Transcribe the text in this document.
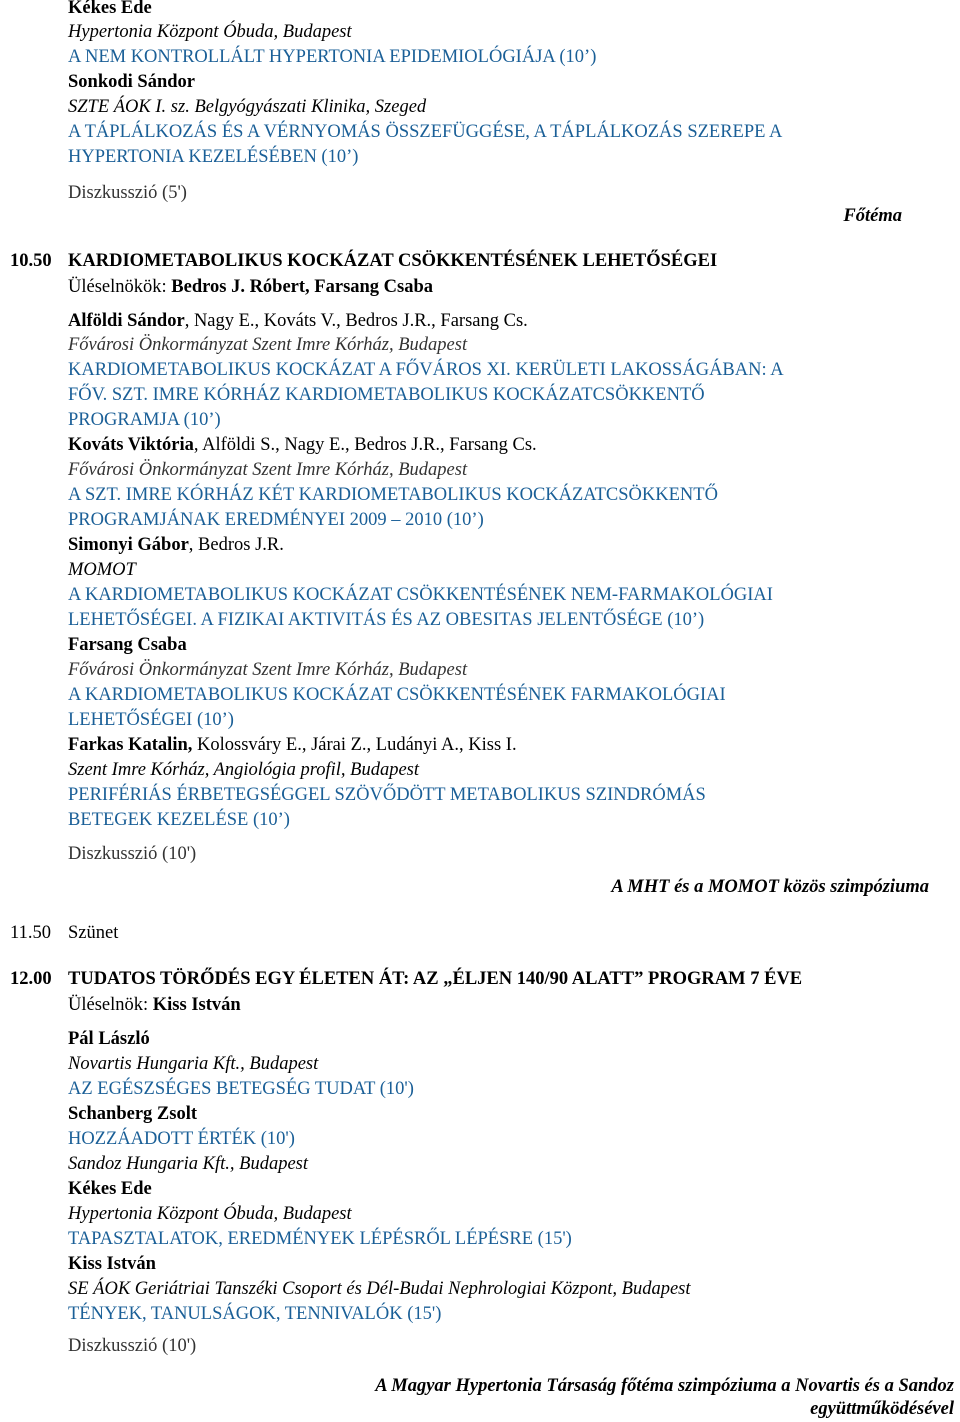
Kékes Ede
Hypertonia Központ Óbuda, Budapest
A NEM KONTROLLÁLT HYPERTONIA EPIDEMIOLÓGIÁJA (10’)
Sonkodi Sándor
SZTE ÁOK I. sz. Belgyógyászati Klinika, Szeged
A TÁPLÁLKOZÁS ÉS A VÉRNYOMÁS ÖSSZEFÜGGÉSE, A TÁPLÁLKOZÁS SZEREPE A
HYPERTONIA KEZELÉSÉBEN (10’)
Diszkusszió (5')
Főtéma
10.50 KARDIOMETABOLIKUS KOCKÁZAT CSÖKKENTÉSÉNEK LEHETŐSÉGEI
Üléselnökök: Bedros J. Róbert, Farsang Csaba
Alföldi Sándor, Nagy E., Kováts V., Bedros J.R., Farsang Cs.
Fővárosi Önkormányzat Szent Imre Kórház, Budapest
KARDIOMETABOLIKUS KOCKÁZAT A FŐVÁROS XI. KERÜLETI LAKOSSÁGÁBAN: A
FŐV. SZT. IMRE KÓRHÁZ KARDIOMETABOLIKUS KOCKÁZATCSÖKKENTŐ
PROGRAMJA (10’)
Kováts Viktória, Alföldi S., Nagy E., Bedros J.R., Farsang Cs.
Fővárosi Önkormányzat Szent Imre Kórház, Budapest
A SZT. IMRE KÓRHÁZ KÉT KARDIOMETABOLIKUS KOCKÁZATCSÖKKENTŐ
PROGRAMJÁNAK EREDMÉNYEI 2009 – 2010 (10’)
Simonyi Gábor, Bedros J.R.
MOMOT
A KARDIOMETABOLIKUS KOCKÁZAT CSÖKKENTÉSÉNEK NEM-FARMAKOLÓGIAI
LEHETŐSÉGEI. A FIZIKAI AKTIVITÁS ÉS AZ OBESITAS JELENTŐSÉGE (10’)
Farsang Csaba
Fővárosi Önkormányzat Szent Imre Kórház, Budapest
A KARDIOMETABOLIKUS KOCKÁZAT CSÖKKENTÉSÉNEK FARMAKOLÓGIAI
LEHETŐSÉGEI (10’)
Farkas Katalin, Kolossváry E., Járai Z., Ludányi A., Kiss I.
Szent Imre Kórház, Angiológia profil, Budapest
PERIFÉRIÁS ÉRBETEGSÉGGEL SZÖVŐDÖTT METABOLIKUS SZINDRÓMÁS
BETEGEK KEZELÉSE (10’)
Diszkusszió (10')
A MHT és a MOMOT közös szimpóziuma
11.50 Szünet
12.00 TUDATOS TÖRŐDÉS EGY ÉLETEN ÁT: AZ „ÉLJEN 140/90 ALATT” PROGRAM 7 ÉVE
Üléselnök: Kiss István
Pál László
Novartis Hungaria Kft., Budapest
AZ EGÉSZSÉGES BETEGSÉG TUDAT (10')
Schanberg Zsolt
HOZZÁADOTT ÉRTÉK (10')
Sandoz Hungaria Kft., Budapest
Kékes Ede
Hypertonia Központ Óbuda, Budapest
TAPASZTALATOK, EREDMÉNYEK LÉPÉSRŐL LÉPÉSRE (15')
Kiss István
SE ÁOK Geriátriai Tanszéki Csoport és Dél-Budai Nephrologiai Központ, Budapest
TÉNYEK, TANULSÁGOK, TENNIVALÓK (15')
Diszkusszió (10')
A Magyar Hypertonia Társaság főtéma szimpóziuma a Novartis és a Sandoz
együttműködésével
